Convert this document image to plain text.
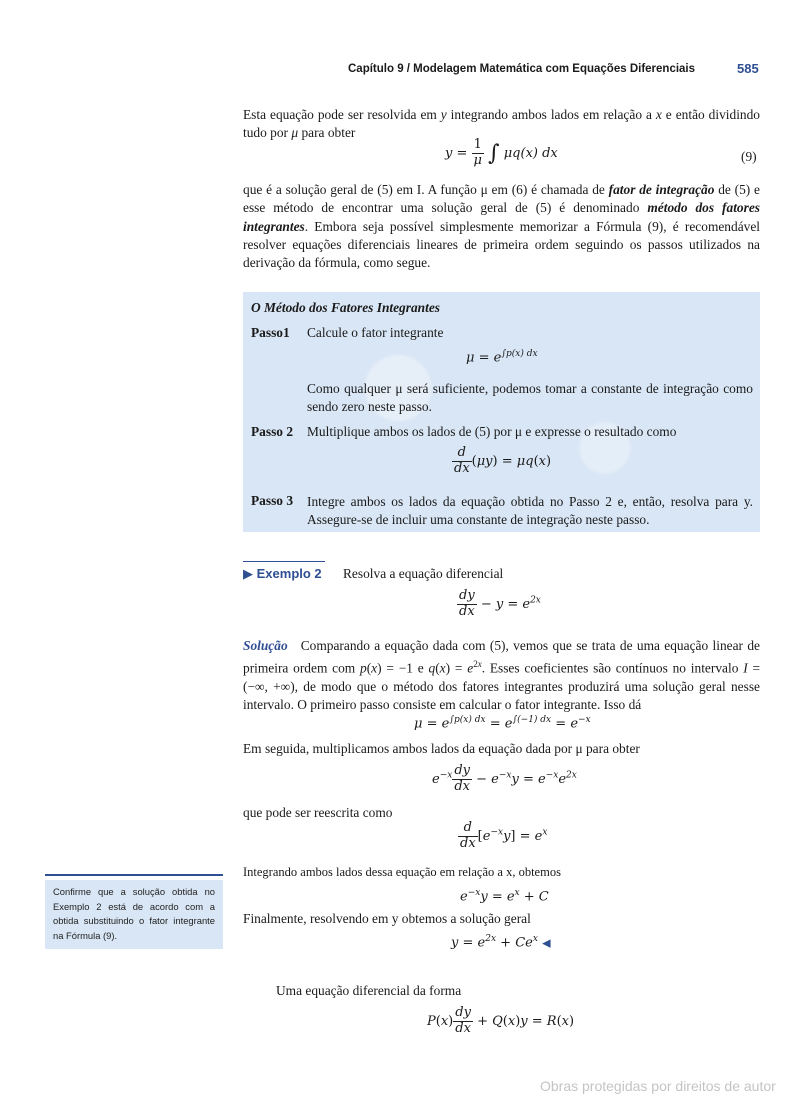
Capítulo 9 / Modelagem Matemática com Equações Diferenciais	585
Esta equação pode ser resolvida em y integrando ambos lados em relação a x e então dividindo tudo por μ para obter
$y = \frac{1}{\mu}$ ∫ μq(x) dx	(9)
que é a solução geral de (5) em I. A função μ em (6) é chamada de fator de integração de (5) e esse método de encontrar uma solução geral de (5) é denominado método dos fatores integrantes. Embora seja possível simplesmente memorizar a Fórmula (9), é recomendável resolver equações diferenciais lineares de primeira ordem seguindo os passos utilizados na derivação da fórmula, como segue.
O Método dos Fatores Integrantes
Passo1 Calcule o fator integrante
$\mu = e^{\int p(x) dx}$
Como qualquer μ será suficiente, podemos tomar a constante de integração como sendo zero neste passo.
Passo 2 Multiplique ambos os lados de (5) por μ e expresse o resultado como
$\frac{d}{dx} (\mu y) = \mu q(x)$
Passo 3 Integre ambos os lados da equação obtida no Passo 2 e, então, resolva para y. Assegure-se de incluir uma constante de integração neste passo.
▶ Exemplo 2 Resolva a equação diferencial
$\frac{dy}{dx} - y = e^{2x}$
Solução   Comparando a equação dada com (5), vemos que se trata de uma equação linear de primeira ordem com p(x) = −1 e $q(x) = e^{2x}$. Esses coeficientes são contínuos no intervalo I = (−∞, +∞), de modo que o método dos fatores integrantes produzirá uma solução geral nesse intervalo. O primeiro passo consiste em calcular o fator integrante. Isso dá
$\mu = e^{\int p(x) dx} = e^{\int(-1) dx} = e^{-x}$
Em seguida, multiplicamos ambos lados da equação dada por μ para obter
$e^{-x} \frac{dy}{dx} - e^{-x}y = e^{-x}e^{2x}$
que pode ser reescrita como
$\frac{d}{dx} [e^{-x}y] = e^x$
Integrando ambos lados dessa equação em relação a x, obtemos
$e^{-x}y = e^x + C$
Finalmente, resolvendo em y obtemos a solução geral
$y = e^{2x} + Ce^x$ ◀
Confirme que a solução obtida no Exemplo 2 está de acordo com a obtida substituindo o fator integrante na Fórmula (9).
Uma equação diferencial da forma
$P(x) \frac{dy}{dx} + Q(x)y = R(x)$
Obras protegidas por direitos de autor
